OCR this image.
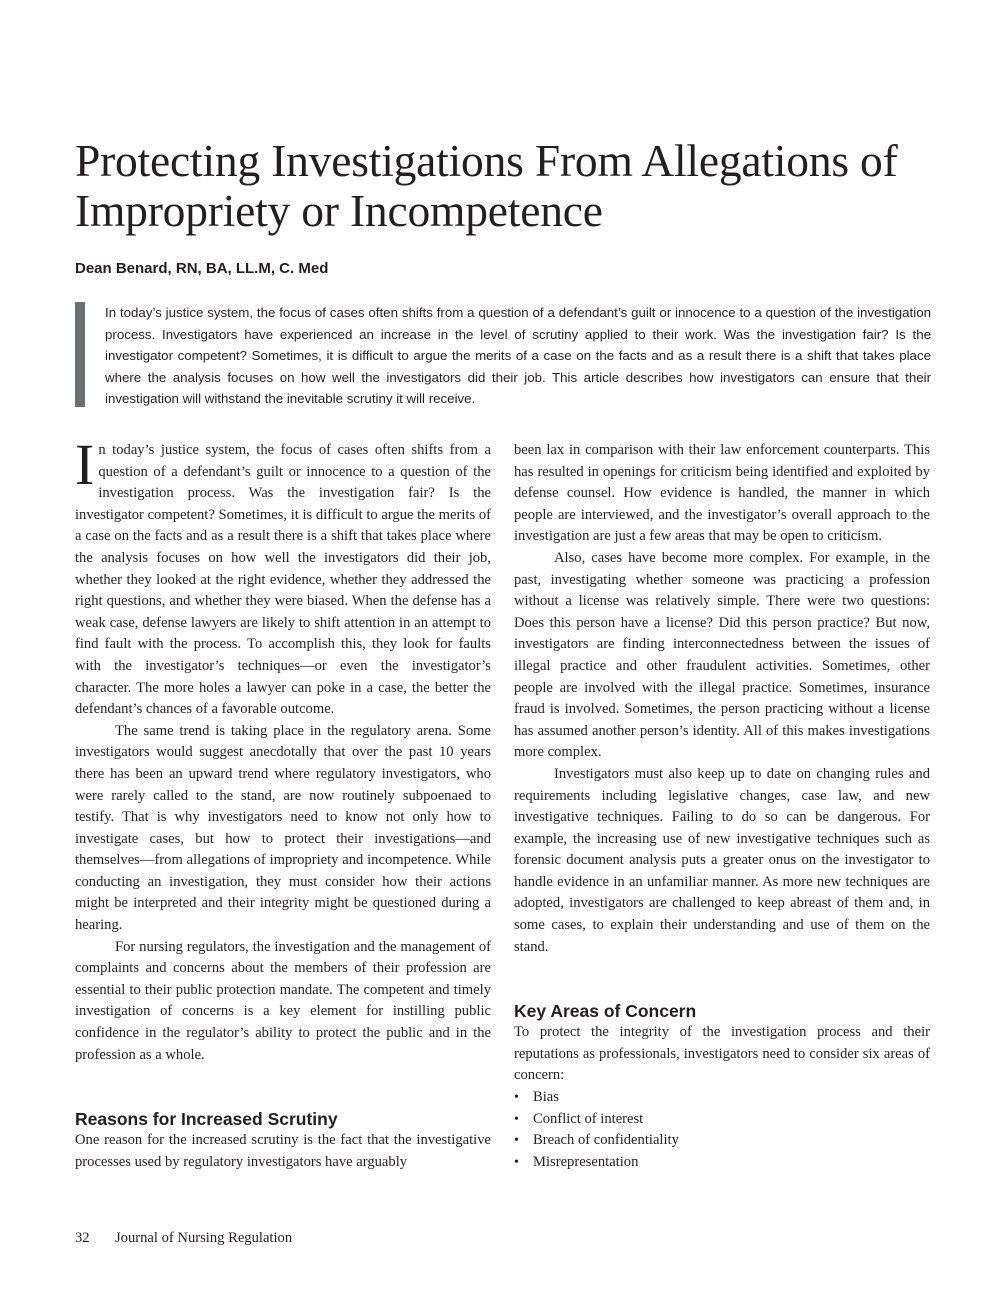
Protecting Investigations From Allegations of Impropriety or Incompetence
Dean Benard, RN, BA, LL.M, C. Med

In today’s justice system, the focus of cases often shifts from a question of a defendant’s guilt or innocence to a question of the investigation process. Investigators have experienced an increase in the level of scrutiny applied to their work. Was the investigation fair? Is the investigator competent? Sometimes, it is difficult to argue the merits of a case on the facts and as a result there is a shift that takes place where the analysis focuses on how well the investigators did their job. This article describes how investigators can ensure that their investigation will withstand the inevitable scrutiny it will receive.

In today’s justice system, the focus of cases often shifts from a question of a defendant’s guilt or innocence to a question of the investigation process. Was the investigation fair? Is the investigator competent? Sometimes, it is difficult to argue the merits of a case on the facts and as a result there is a shift that takes place where the analysis focuses on how well the investigators did their job, whether they looked at the right evidence, whether they addressed the right questions, and whether they were biased. When the defense has a weak case, defense lawyers are likely to shift attention in an attempt to find fault with the process. To accomplish this, they look for faults with the investigator’s techniques—or even the investigator’s character. The more holes a lawyer can poke in a case, the better the defendant’s chances of a favorable outcome.

The same trend is taking place in the regulatory arena. Some investigators would suggest anecdotally that over the past 10 years there has been an upward trend where regulatory investigators, who were rarely called to the stand, are now routinely subpoenaed to testify. That is why investigators need to know not only how to investigate cases, but how to protect their investigations—and themselves—from allegations of impropriety and incompetence. While conducting an investigation, they must consider how their actions might be interpreted and their integrity might be questioned during a hearing.

For nursing regulators, the investigation and the management of complaints and concerns about the members of their profession are essential to their public protection mandate. The competent and timely investigation of concerns is a key element for instilling public confidence in the regulator’s ability to protect the public and in the profession as a whole.

Reasons for Increased Scrutiny

One reason for the increased scrutiny is the fact that the investigative processes used by regulatory investigators have arguably

been lax in comparison with their law enforcement counterparts. This has resulted in openings for criticism being identified and exploited by defense counsel. How evidence is handled, the manner in which people are interviewed, and the investigator’s overall approach to the investigation are just a few areas that may be open to criticism.

Also, cases have become more complex. For example, in the past, investigating whether someone was practicing a profession without a license was relatively simple. There were two questions: Does this person have a license? Did this person practice? But now, investigators are finding interconnectedness between the issues of illegal practice and other fraudulent activities. Sometimes, other people are involved with the illegal practice. Sometimes, insurance fraud is involved. Sometimes, the person practicing without a license has assumed another person’s identity. All of this makes investigations more complex.

Investigators must also keep up to date on changing rules and requirements including legislative changes, case law, and new investigative techniques. Failing to do so can be dangerous. For example, the increasing use of new investigative techniques such as forensic document analysis puts a greater onus on the investigator to handle evidence in an unfamiliar manner. As more new techniques are adopted, investigators are challenged to keep abreast of them and, in some cases, to explain their understanding and use of them on the stand.

Key Areas of Concern

To protect the integrity of the investigation process and their reputations as professionals, investigators need to consider six areas of concern:

• Bias
• Conflict of interest
• Breach of confidentiality
• Misrepresentation
32 Journal of Nursing Regulation
